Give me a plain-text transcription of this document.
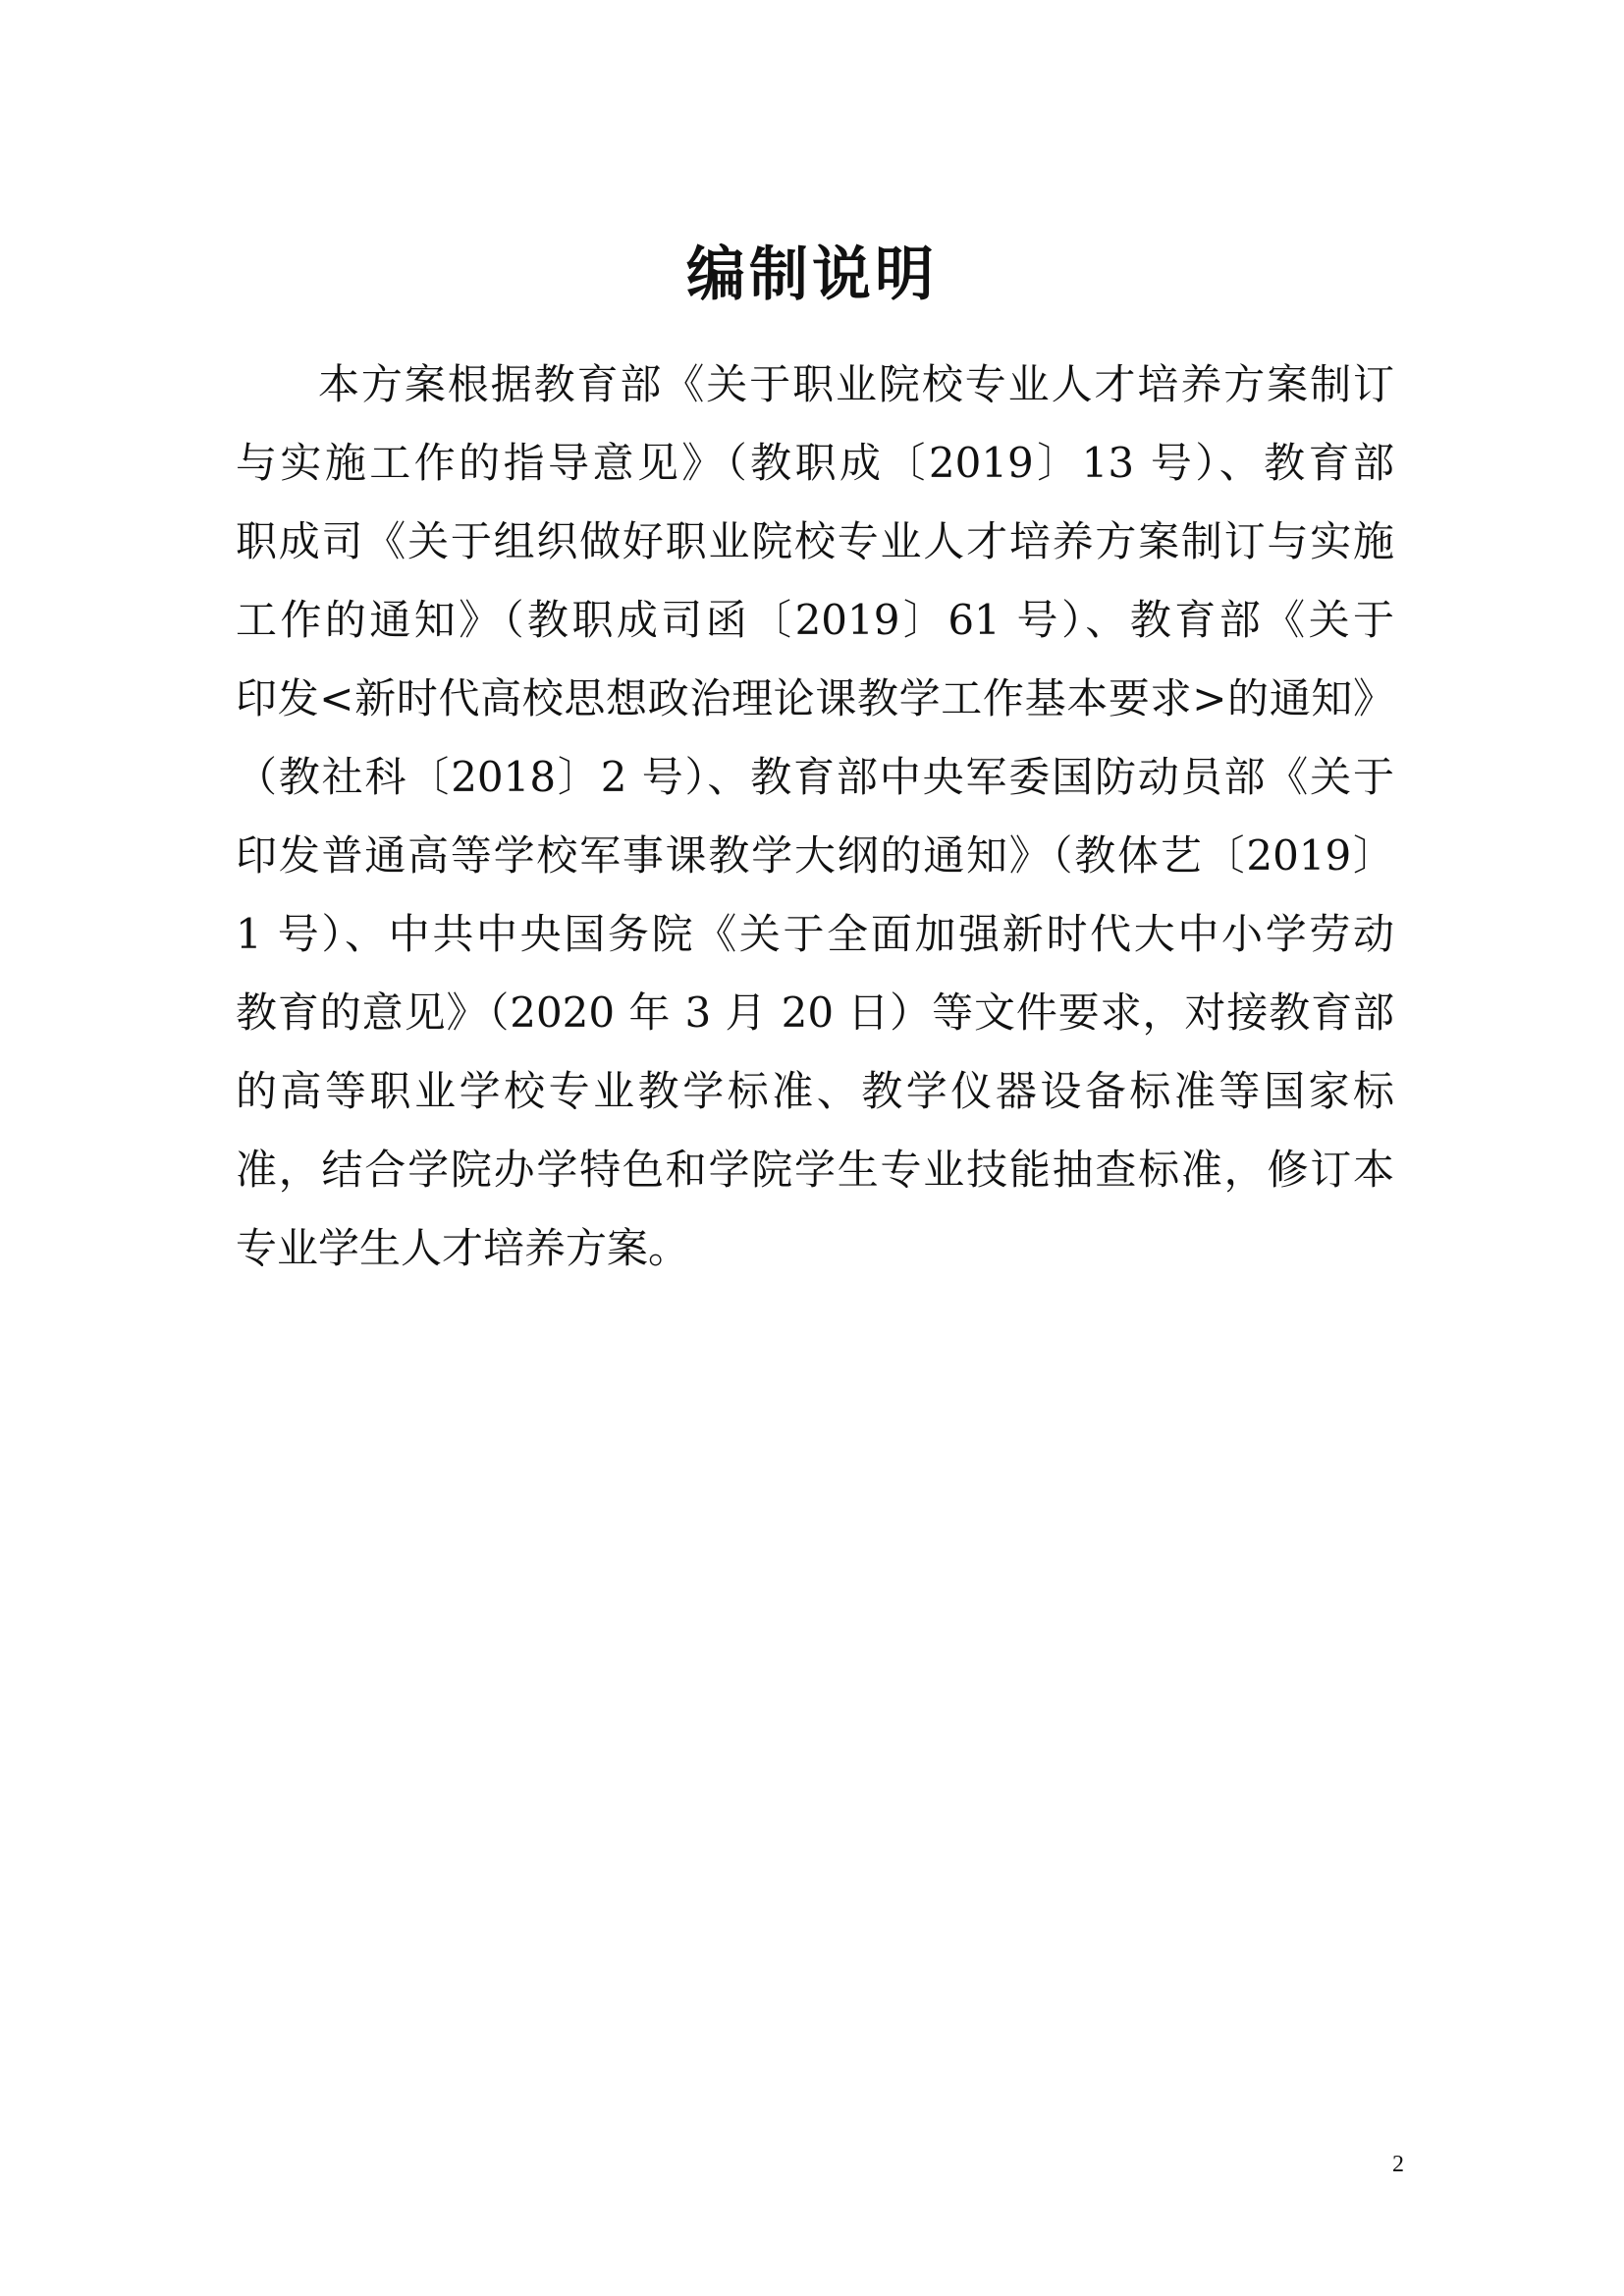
编制说明

本方案根据教育部《关于职业院校专业人才培养方案制订
与实施工作的指导意见》（教职成〔2019〕13 号）、教育部
职成司《关于组织做好职业院校专业人才培养方案制订与实施
工作的通知》（教职成司函〔2019〕61 号）、教育部《关于
印发<新时代高校思想政治理论课教学工作基本要求>的通知》
（教社科〔2018〕2 号）、教育部中央军委国防动员部《关于
印发普通高等学校军事课教学大纲的通知》（教体艺〔2019〕
1 号）、中共中央国务院《关于全面加强新时代大中小学劳动
教育的意见》（2020 年 3 月 20 日）等文件要求，对接教育部
的高等职业学校专业教学标准、教学仪器设备标准等国家标
准，结合学院办学特色和学院学生专业技能抽查标准，修订本
专业学生人才培养方案。

2
